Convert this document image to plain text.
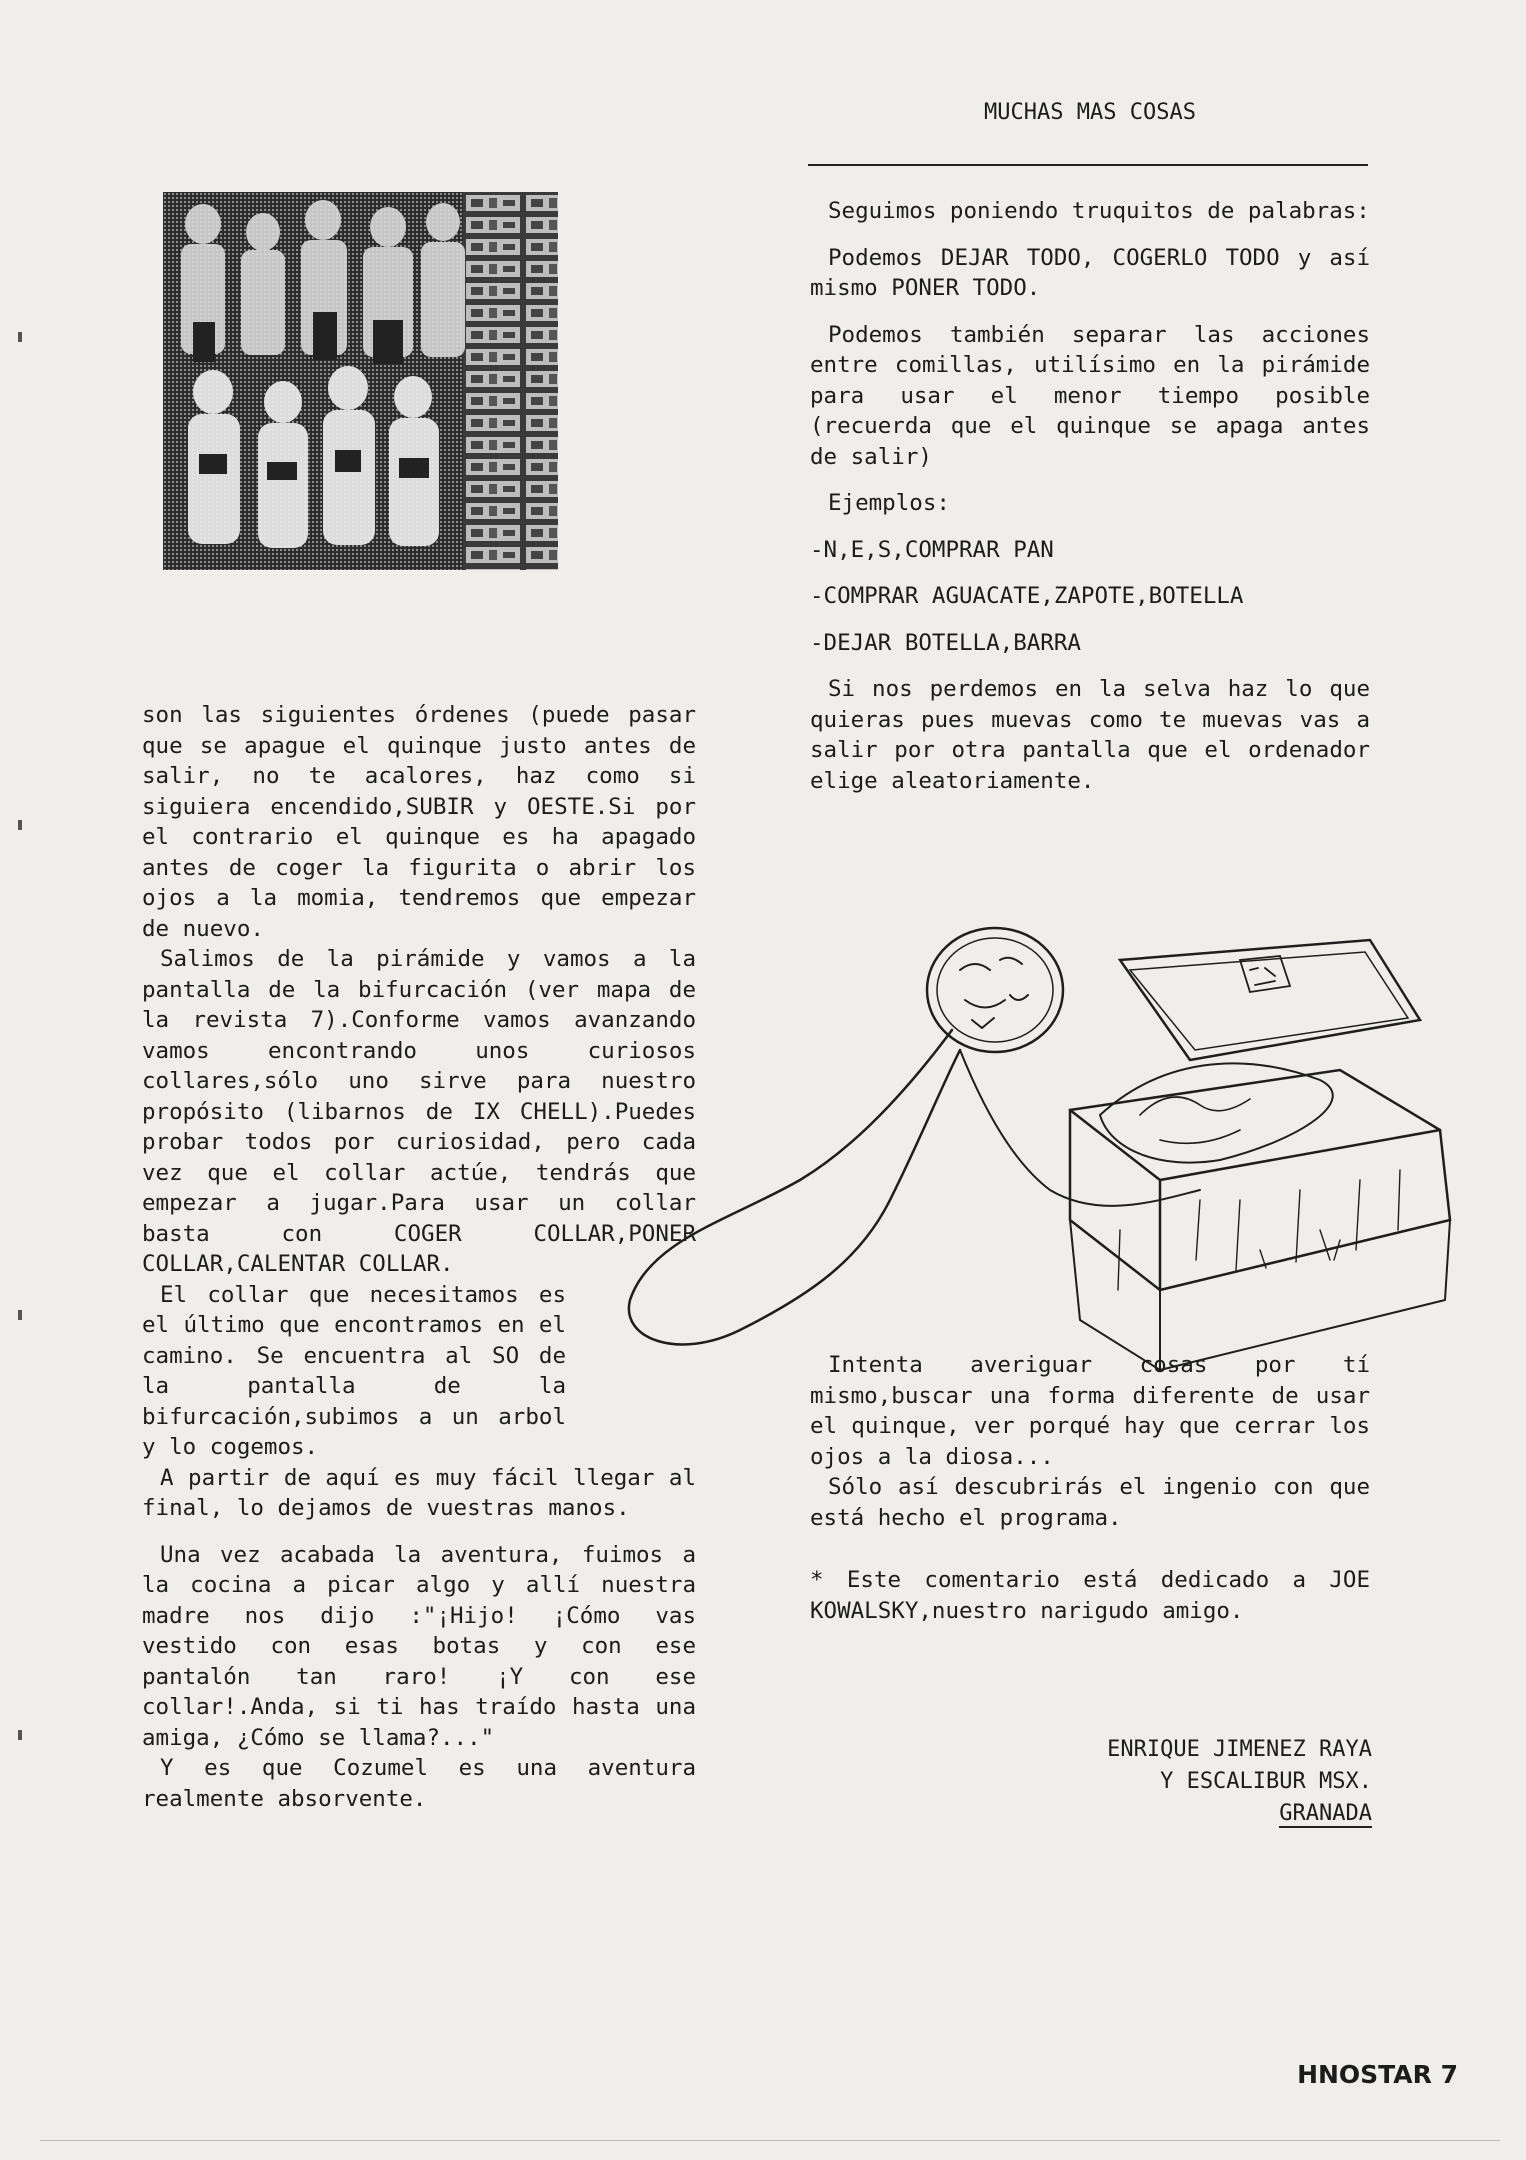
MUCHAS MAS COSAS

son las siguientes órdenes (puede pasar que se apague el quinque justo antes de salir, no te acalores, haz como si siguiera encendido,SUBIR y OESTE.Si por el contrario el quinque es ha apagado antes de coger la figurita o abrir los ojos a la momia, tendremos que empezar de nuevo.

Salimos de la pirámide y vamos a la pantalla de la bifurcación (ver mapa de la revista 7).Conforme vamos avanzando vamos encontrando unos curiosos collares,sólo uno sirve para nuestro propósito (libarnos de IX CHELL).Puedes probar todos por curiosidad, pero cada vez que el collar actúe, tendrás que empezar a jugar.Para usar un collar basta con COGER COLLAR,PONER COLLAR,CALENTAR COLLAR.

El collar que necesitamos es el último que encontramos en el camino. Se encuentra al SO de la pantalla de la bifurcación,subimos a un arbol y lo cogemos.

A partir de aquí es muy fácil llegar al final, lo dejamos de vuestras manos.

Una vez acabada la aventura, fuimos a la cocina a picar algo y allí nuestra madre nos dijo :"¡Hijo! ¡Cómo vas vestido con esas botas y con ese pantalón tan raro! ¡Y con ese collar!.Anda, si ti has traído hasta una amiga, ¿Cómo se llama?..."

Y es que Cozumel es una aventura realmente absorvente.

Seguimos poniendo truquitos de palabras:

Podemos DEJAR TODO, COGERLO TODO y así mismo PONER TODO.

Podemos también separar las acciones entre comillas, utilísimo en la pirámide para usar el menor tiempo posible (recuerda que el quinque se apaga antes de salir)

Ejemplos:

-N,E,S,COMPRAR PAN

-COMPRAR AGUACATE,ZAPOTE,BOTELLA

-DEJAR BOTELLA,BARRA

Si nos perdemos en la selva haz lo que quieras pues muevas como te muevas vas a salir por otra pantalla que el ordenador elige aleatoriamente.

Intenta averiguar cosas por tí mismo,buscar una forma diferente de usar el quinque, ver porqué hay que cerrar los ojos a la diosa...

Sólo así descubrirás el ingenio con que está hecho el programa.

* Este comentario está dedicado a JOE KOWALSKY,nuestro narigudo amigo.

ENRIQUE JIMENEZ RAYA
Y ESCALIBUR MSX.
GRANADA
HNOSTAR 7
